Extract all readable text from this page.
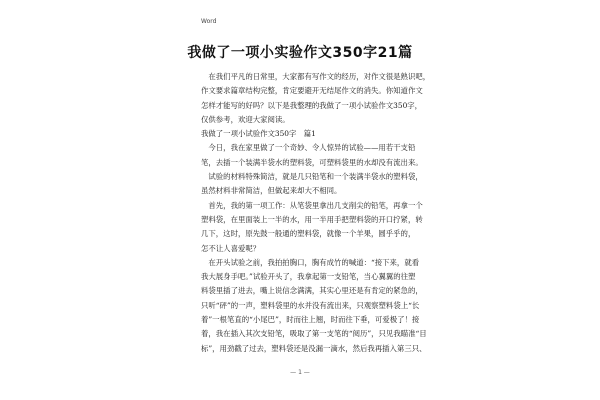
Word
我做了一项小实验作文350字21篇
　在我们平凡的日常里，大家都有写作文的经历，对作文很是熟识吧，
作文要求篇章结构完整，肯定要避开无结尾作文的消失。你知道作文
怎样才能写的好吗？以下是我整理的我做了一项小试验作文350字，
仅供参考，欢迎大家阅读。
我做了一项小试验作文350字　篇1
　今日，我在家里做了一个奇妙、令人惊异的试验——用若干支铅
笔，去插一个装满半袋水的塑料袋，可塑料袋里的水却没有流出来。
　试验的材料特殊简洁，就是几只铅笔和一个装满半袋水的塑料袋，
虽然材料非常简洁，但做起来却大不相同。
　首先，我的第一项工作：从笔袋里拿出几支削尖的铅笔，再拿一个
塑料袋，在里面装上一半的水，用一半用手把塑料袋的开口拧紧，转
几下，这时，原先鼓一般通的塑料袋，就像一个羊果，圆乎乎的，
怎不让人喜爱呢？
　在开头试验之前，我拍拍胸口，胸有成竹的喊道：“接下来，就看
我大展身手吧。”试验开头了，我拿起第一支铅笔，当心翼翼的往塑
料袋里插了进去，嘴上说信念满满，其实心里还是有肯定的紧急的，
只听“砰”的一声，塑料袋里的水并没有流出来，只观察塑料袋上“长
着”一根笔直的“小尾巴”，时而往上翘，时而往下垂，可爱极了！接
着，我在插入其次支铅笔，吸取了第一支笔的“阅历”，只见我瞄准“目
标”，用劲戳了过去，塑料袋还是没漏一滴水，然后我再插入第三只、
— 1 —
